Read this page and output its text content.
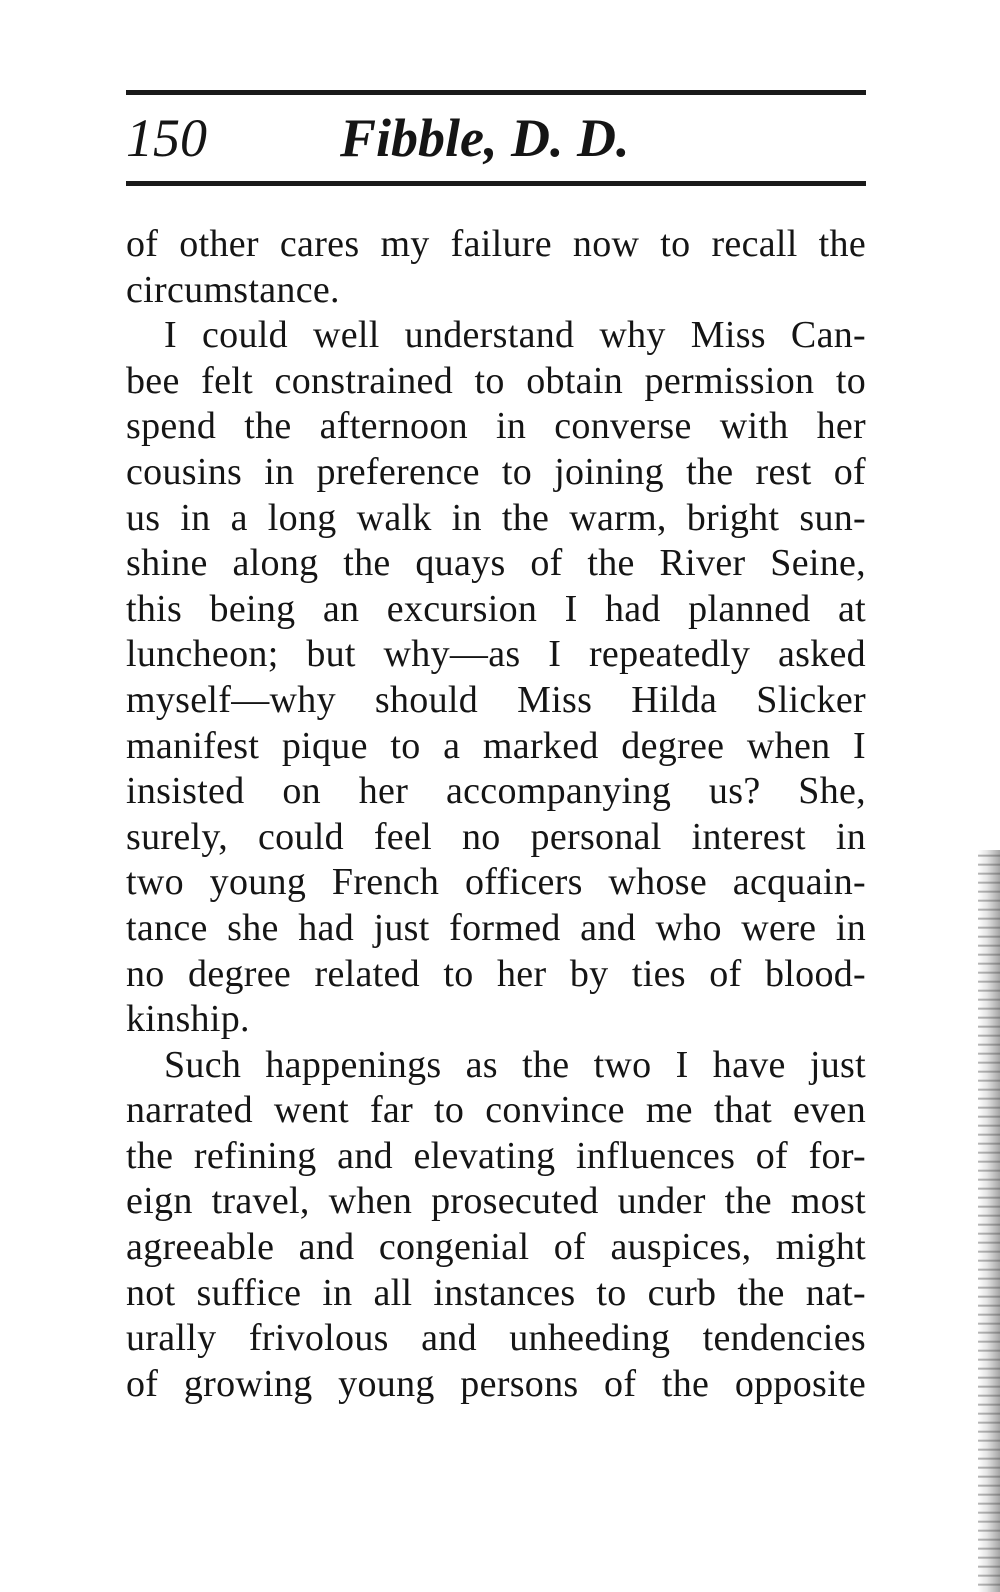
150 Fibble, D. D.
of other cares my failure now to recall the
circumstance.
I could well understand why Miss Can-
bee felt constrained to obtain permission to
spend the afternoon in converse with her
cousins in preference to joining the rest of
us in a long walk in the warm, bright sun-
shine along the quays of the River Seine,
this being an excursion I had planned at
luncheon; but why—as I repeatedly asked
myself—why should Miss Hilda Slicker
manifest pique to a marked degree when I
insisted on her accompanying us? She,
surely, could feel no personal interest in
two young French officers whose acquain-
tance she had just formed and who were in
no degree related to her by ties of blood-
kinship.
Such happenings as the two I have just
narrated went far to convince me that even
the refining and elevating influences of for-
eign travel, when prosecuted under the most
agreeable and congenial of auspices, might
not suffice in all instances to curb the nat-
urally frivolous and unheeding tendencies
of growing young persons of the opposite
